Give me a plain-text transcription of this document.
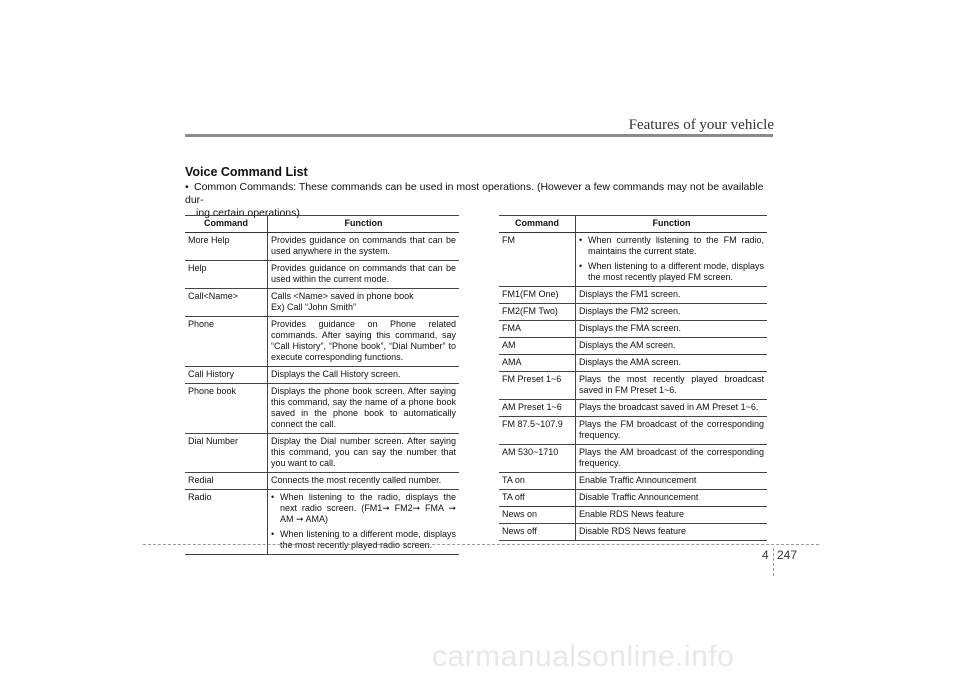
Features of your vehicle
Voice Command List
• Common Commands: These commands can be used in most operations. (However a few commands may not be available dur-
ing certain operations)
Command	Function
More Help	Provides guidance on commands that can be used anywhere in the system.

Help	Provides guidance on commands that can be used within the current mode.

Call<Name>	Calls <Name> saved in phone book
Ex) Call “John Smith”

Phone	Provides guidance on Phone related commands. After saying this command, say “Call History”, “Phone book”, “Dial Number” to execute corresponding functions.

Call History	Displays the Call History screen.

Phone book	Displays the phone book screen. After saying this command, say the name of a phone book saved in the phone book to automatically connect the call.

Dial Number	Display the Dial number screen. After saying this command, you can say the number that you want to call.

Redial	Connects the most recently called number.

Radio	• When listening to the radio, displays the next radio screen. (FM1➞ FM2➞ FMA ➞ AM ➞ AMA)
• When listening to a different mode, displays the most recently played radio screen.
Command	Function
FM	• When currently listening to the FM radio, maintains the current state.
• When listening to a different mode, displays the most recently played FM screen.

FM1(FM One)	Displays the FM1 screen.

FM2(FM Two)	Displays the FM2 screen.

FMA	Displays the FMA screen.

AM	Displays the AM screen.

AMA	Displays the AMA screen.

FM Preset 1~6	Plays the most recently played broadcast saved in FM Preset 1~6.

AM Preset 1~6	Plays the broadcast saved in AM Preset 1~6.

FM 87.5~107.9	Plays the FM broadcast of the corresponding frequency.

AM 530~1710	Plays the AM broadcast of the corresponding frequency.

TA on	Enable Traffic Announcement

TA off	Disable Traffic Announcement

News on	Enable RDS News feature

News off	Disable RDS News feature
4 247
carmanualsonline.info
